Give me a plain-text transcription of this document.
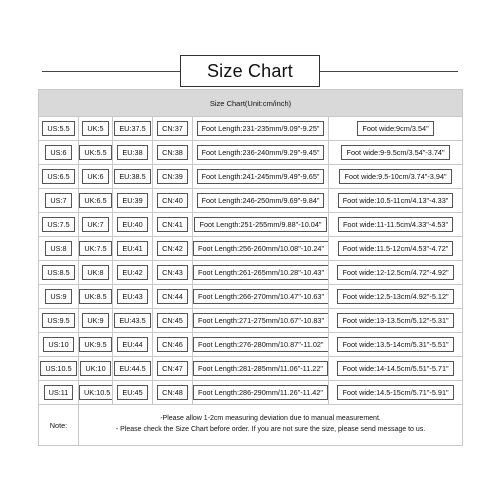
Size Chart
Size Chart(Unit:cm/inch)					
US:5.5	UK:5	EU:37.5	CN:37	Foot Length:231-235mm/9.09"-9.25"	Foot wide:9cm/3.54"
US:6	UK:5.5	EU:38	CN:38	Foot Length:236-240mm/9.29"-9.45"	Foot wide:9-9.5cm/3.54"-3.74"
US:6.5	UK:6	EU:38.5	CN:39	Foot Length:241-245mm/9.49"-9.65"	Foot wide:9.5-10cm/3.74"-3.94"
US:7	UK:6.5	EU:39	CN:40	Foot Length:246-250mm/9.69"-9.84"	Foot wide:10.5-11cm/4.13"-4.33"
US:7.5	UK:7	EU:40	CN:41	Foot Length:251-255mm/9.88"-10.04"	Foot wide:11-11.5cm/4.33"-4.53"
US:8	UK:7.5	EU:41	CN:42	Foot Length:256-260mm/10.08"-10.24"	Foot wide:11.5-12cm/4.53"-4.72"
US:8.5	UK:8	EU:42	CN:43	Foot Length:261-265mm/10.28"-10.43"	Foot wide:12-12.5cm/4.72"-4.92"
US:9	UK:8.5	EU:43	CN:44	Foot Length:266-270mm/10.47"-10.63"	Foot wide:12.5-13cm/4.92"-5.12"
US:9.5	UK:9	EU:43.5	CN:45	Foot Length:271-275mm/10.67"-10.83"	Foot wide:13-13.5cm/5.12"-5.31"
US:10	UK:9.5	EU:44	CN:46	Foot Length:276-280mm/10.87"-11.02"	Foot wide:13.5-14cm/5.31"-5.51"
US:10.5	UK:10	EU:44.5	CN:47	Foot Length:281-285mm/11.06"-11.22"	Foot wide:14-14.5cm/5.51"-5.71"
US:11	UK:10.5	EU:45	CN:48	Foot Length:286-290mm/11.26"-11.42"	Foot wide:14.5-15cm/5.71"-5.91"
Note:	-Please allow 1-2cm measuring deviation due to manual measurement.
- Please check the Size Chart before order. If you are not sure the size, please send message to us.				
